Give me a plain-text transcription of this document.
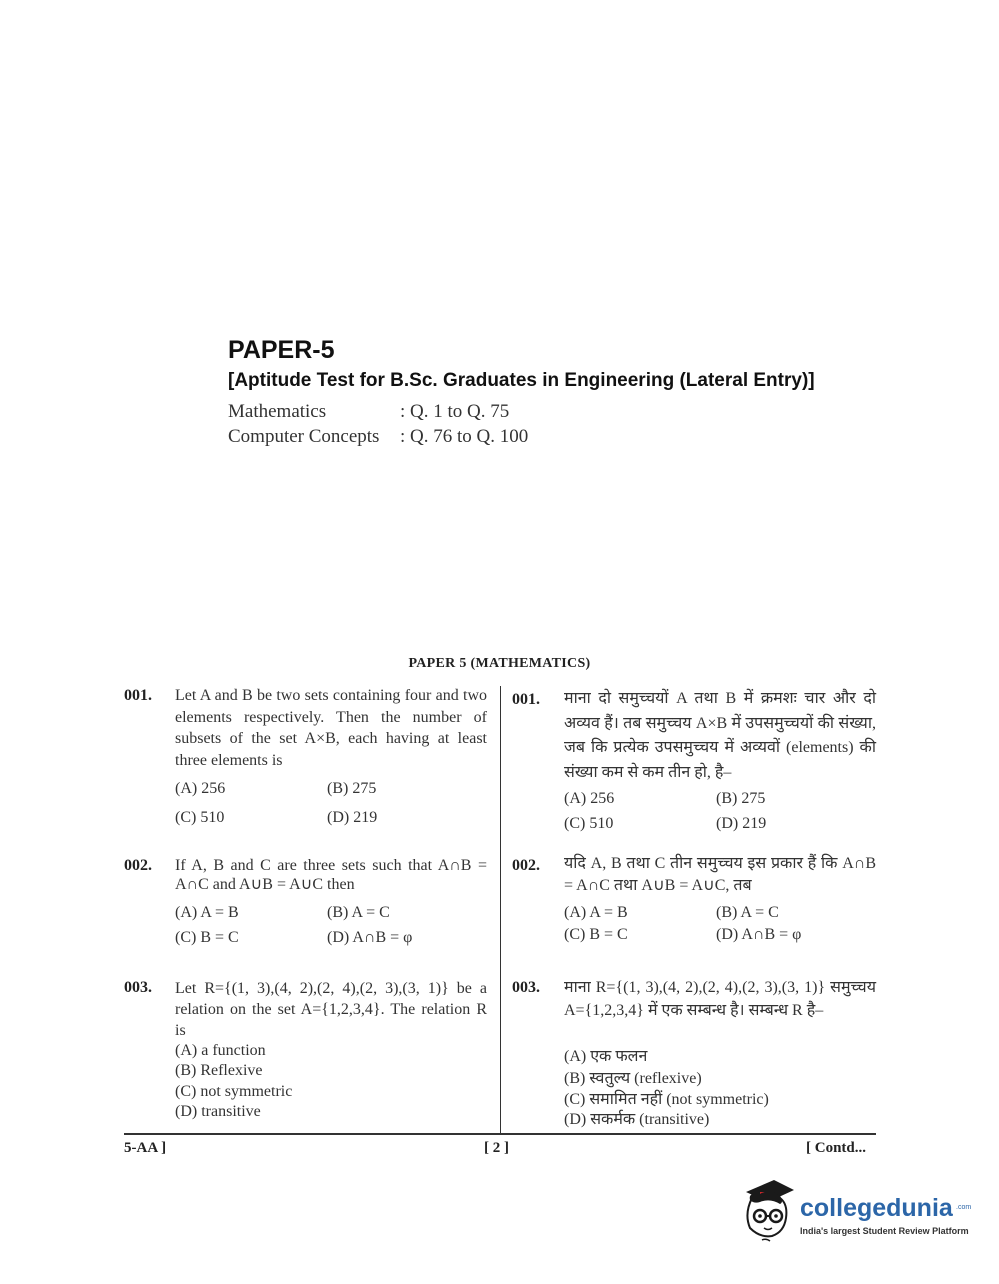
PAPER-5
[Aptitude Test for B.Sc. Graduates in Engineering (Lateral Entry)]
Mathematics	: Q. 1 to Q. 75
Computer Concepts : Q. 76 to Q. 100
PAPER 5 (MATHEMATICS)
001. Let A and B be two sets containing four and two elements respectively. Then the number of subsets of the set A×B, each having at least three elements is
(A) 256	(B) 275
(C) 510	(D) 219
001. माना दो समुच्चयों A तथा B में क्रमशः चार और दो अव्यव हैं। तब समुच्चय A×B में उपसमुच्चयों की संख्या, जब कि प्रत्येक उपसमुच्चय में अव्यवों (elements) की संख्या कम से कम तीन हो, है–
(A) 256	(B) 275
(C) 510	(D) 219
002. If A, B and C are three sets such that A∩B = A∩C and A∪B = A∪C then
(A) A = B	(B) A = C
(C) B = C	(D) A∩B = φ
002. यदि A, B तथा C तीन समुच्चय इस प्रकार हैं कि A∩B = A∩C तथा A∪B = A∪C, तब
(A) A = B	(B) A = C
(C) B = C	(D) A∩B = φ
003. Let R={(1, 3),(4, 2),(2, 4),(2, 3),(3, 1)} be a relation on the set A={1,2,3,4}. The relation R is
(A) a function
(B) Reflexive
(C) not symmetric
(D) transitive
003. माना R={(1, 3),(4, 2),(2, 4),(2, 3),(3, 1)} समुच्चय A={1,2,3,4} में एक सम्बन्ध है। सम्बन्ध R है–
(A) एक फलन
(B) स्वतुल्य (reflexive)
(C) समामित नहीं (not symmetric)
(D) सकर्मक (transitive)
5-AA ]	[ 2 ]	[ Contd...
collegedunia .com
India's largest Student Review Platform
